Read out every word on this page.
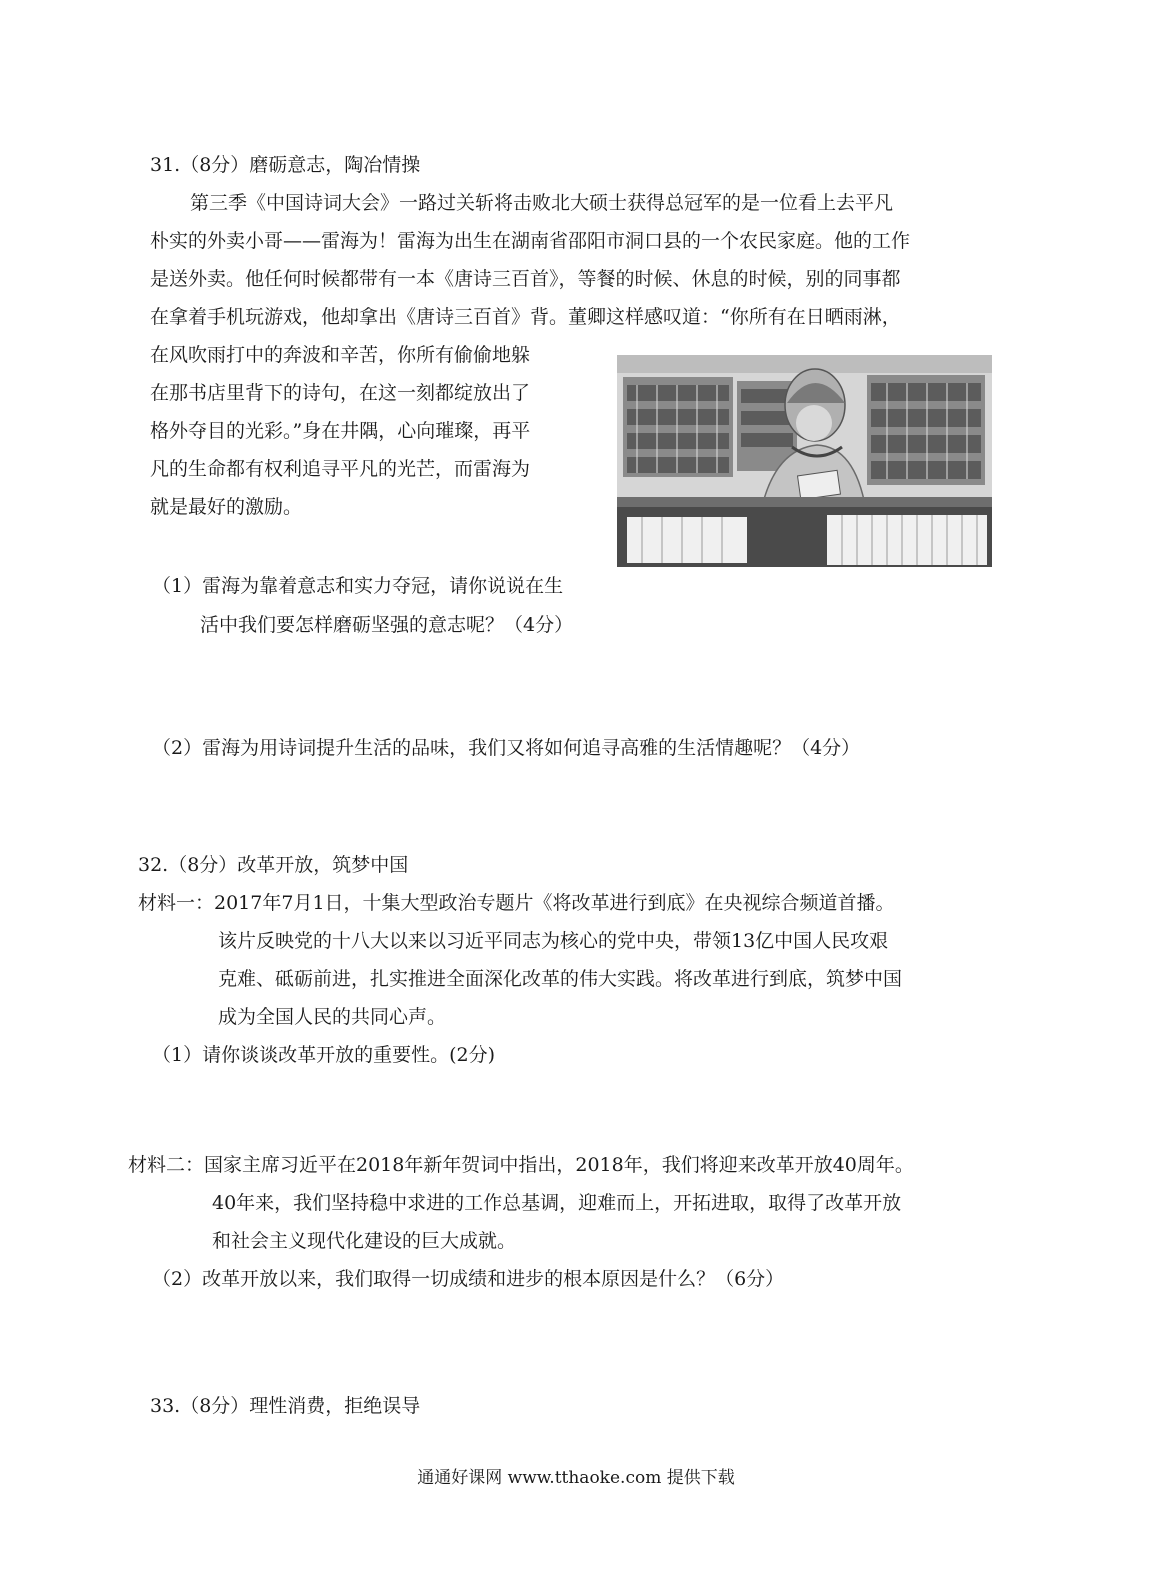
31.（8分）磨砺意志，陶冶情操
第三季《中国诗词大会》一路过关斩将击败北大硕士获得总冠军的是一位看上去平凡
朴实的外卖小哥——雷海为！雷海为出生在湖南省邵阳市洞口县的一个农民家庭。他的工作
是送外卖。他任何时候都带有一本《唐诗三百首》，等餐的时候、休息的时候，别的同事都
在拿着手机玩游戏，他却拿出《唐诗三百首》背。董卿这样感叹道：“你所有在日晒雨淋，
在风吹雨打中的奔波和辛苦，你所有偷偷地躲
在那书店里背下的诗句，在这一刻都绽放出了
格外夺目的光彩。”身在井隅，心向璀璨，再平
凡的生命都有权利追寻平凡的光芒，而雷海为
就是最好的激励。
（1）雷海为靠着意志和实力夺冠，请你说说在生
活中我们要怎样磨砺坚强的意志呢？（4分）
（2）雷海为用诗词提升生活的品味，我们又将如何追寻高雅的生活情趣呢？（4分）
32.（8分）改革开放，筑梦中国
材料一：2017年7月1日，十集大型政治专题片《将改革进行到底》在央视综合频道首播。
该片反映党的十八大以来以习近平同志为核心的党中央，带领13亿中国人民攻艰
克难、砥砺前进，扎实推进全面深化改革的伟大实践。将改革进行到底，筑梦中国
成为全国人民的共同心声。
（1）请你谈谈改革开放的重要性。(2分)
材料二：国家主席习近平在2018年新年贺词中指出，2018年，我们将迎来改革开放40周年。
40年来，我们坚持稳中求进的工作总基调，迎难而上，开拓进取，取得了改革开放
和社会主义现代化建设的巨大成就。
（2）改革开放以来，我们取得一切成绩和进步的根本原因是什么？（6分）
33.（8分）理性消费，拒绝误导
通通好课网 www.tthaoke.com 提供下载
